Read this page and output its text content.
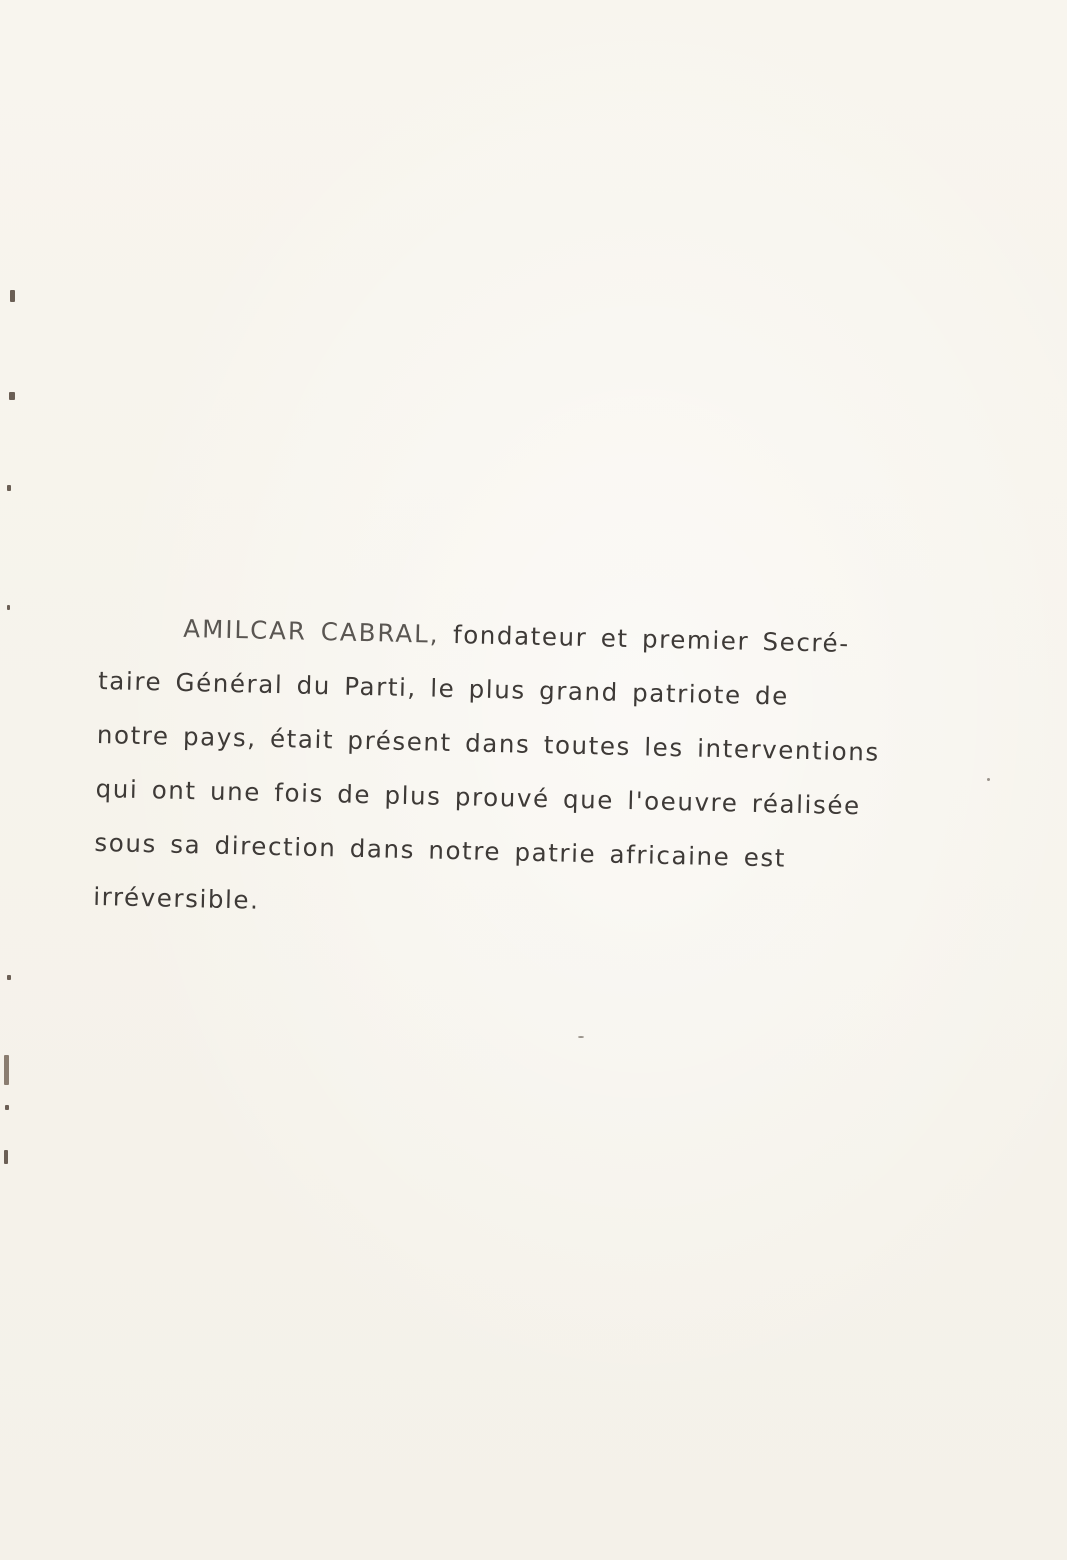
AMILCAR CABRAL, fondateur et premier Secré-
taire Général du Parti, le plus grand patriote de
notre pays, était présent dans toutes les interventions
qui ont une fois de plus prouvé que l'oeuvre réalisée
sous sa direction dans notre patrie africaine est
irréversible.
